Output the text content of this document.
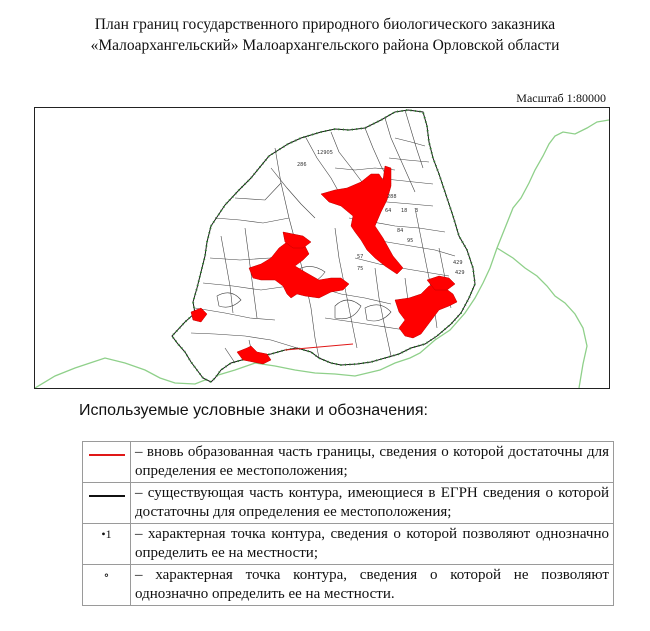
План границ государственного природного биологического заказника
«Малоархангельский» Малоархангельского района Орловской области
Масштаб 1:80000
12905
286
288
64 18 3
57
75
84
95
429
429
Используемые условные знаки и обозначения:
	– вновь образованная часть границы, сведения о которой достаточны для определения ее местоположения;
	– существующая часть контура, имеющиеся в ЕГРН сведения о которой достаточны для определения ее местоположения;
•1	– характерная точка контура, сведения о которой позволяют однозначно определить ее на местности;
∘	– характерная точка контура, сведения о которой не позволяют однозначно определить ее на местности.
